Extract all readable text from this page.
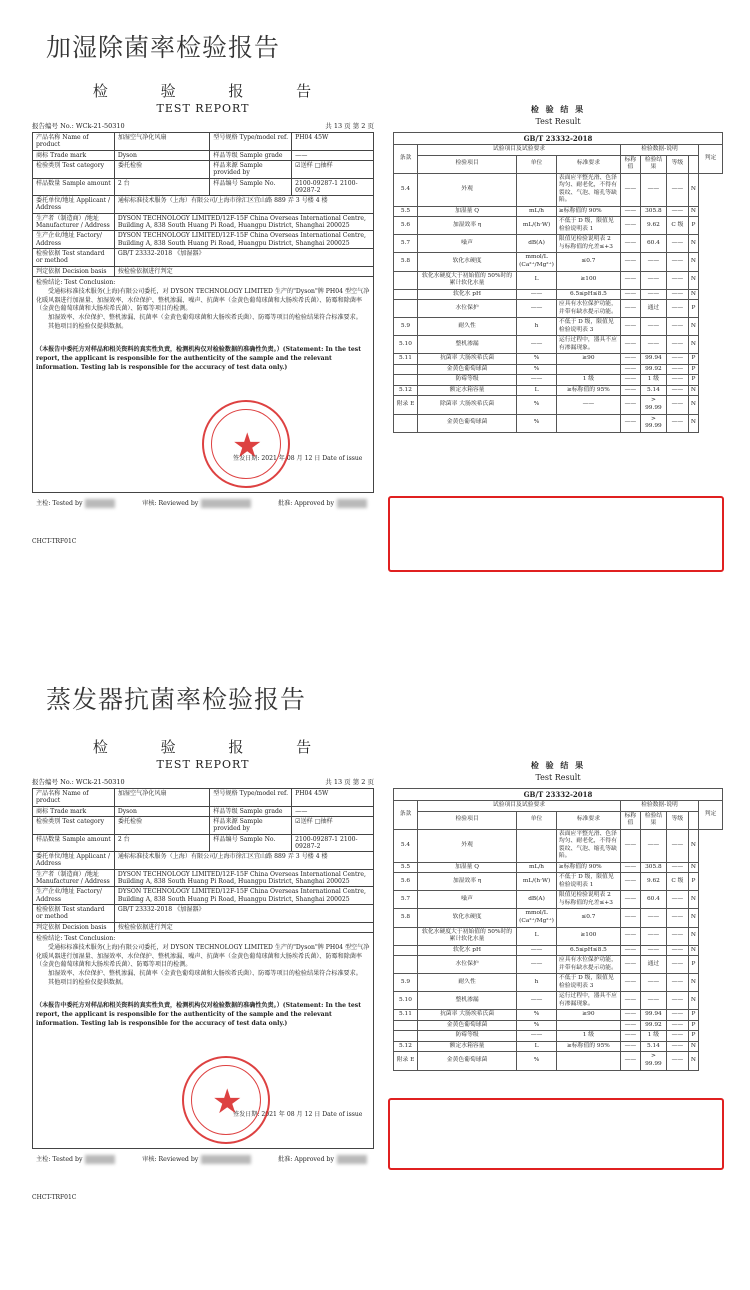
加湿除菌率检验报告
检 验 报 告
TEST REPORT
报告编号 No.: WCk-21-50310	共 13 页 第 2 页
产品名称 Name of product	加湿空气净化风扇	型号规格 Type/model ref.	PH04 45W
商标 Trade mark	Dyson	样品等级 Sample grade	——
检验类别 Test category	委托检验	样品来源 Sample provided by	☑送样 □抽样
样品数量 Sample amount	2 台	样品编号 Sample No.	2100-09287-1 2100-09287-2
委托单位/地址 Applicant / Address	通标标准技术服务（上海）有限公司/上海市徐汇区宜山路 889 弄 3 号楼 4 楼		
生产者（制造商）/地址 Manufacturer / Address	DYSON TECHNOLOGY LIMITED/12F-15F China Overseas International Centre, Building A, 838 South Huang Pi Road, Huangpu District, Shanghai 200025		
生产企业/地址 Factory/ Address	DYSON TECHNOLOGY LIMITED/12F-15F China Overseas International Centre, Building A, 838 South Huang Pi Road, Huangpu District, Shanghai 200025		
检验依据 Test standard or method	GB/T 23332-2018 《加湿器》		
判定依据 Decision basis	按检验依据进行判定		
检验结论: Test Conclusion:

受通标标准技术服务(上海)有限公司委托，对 DYSON TECHNOLOGY LIMITED 生产的"Dyson"牌 PH04 型空气净化暖风器进行加湿量、加湿效率、水位保护、整机渗漏、噪声、抗菌率（金黄色葡萄球菌和大肠埃希氏菌）、防霉和除菌率（金黄色葡萄球菌和大肠埃希氏菌）、防霉等项目的检测。

加湿效率、水位保护、整机渗漏、抗菌率（金黄色葡萄球菌和大肠埃希氏菌）、防霉等项目的检验结果符合标准要求。

其他项目的检验仅提供数据。

（本报告中委托方对样品和相关资料的真实性负责，检测机构仅对检验数据的准确性负责。）(Statement: In the test report, the applicant is responsible for the authenticity of the sample and the relevant information. Testing lab is responsible for the accuracy of test data only.)

签发日期: 2021 年 08 月 12 日 Date of issue
主检: Tested by	审核: Reviewed by	批准: Approved by
CHCT-TRF01C
★
检 验 结 果
Test Result
GB/T 23332-2018								
条款	试验项目及试验要求			检验数据-说明				判定
	检验项目	单位	标准要求	标称值	检验结果	等级	
5.4	外观		表面应平整光滑、色泽均匀、耐老化，不得有裂纹、气泡、缩孔等缺陷。	——	——	——	N	
5.5	加湿量 Q	mL/h	≥标称值的 90%	——	305.8	——	N	
5.6	加湿效率 η	mL/(h·W)	不低于 D 级，限值见检验说明表 1	——	9.62	C 级	P	
5.7	噪声	dB(A)	限值见检验说明表 2 与标称值的允差≤+3	——	60.4	——	N	
5.8	软化水硬度	mmol/L (Ca²⁺/Mg²⁺)	≤0.7	——	——	——	N	
	软化水硬度大于初始值的 50%时的累计软化水量	L	≥100	——	——	——	N	
	软化水 pH	——	6.5≤pH≤8.5	——	——	——	N	
	水位保护	——	应具有水位保护功能，并带有缺水提示功能。	——	通过	——	P	
5.9	耐久性	h	不低于 D 级，限值见检验说明表 3	——	——	——	N	
5.10	整机渗漏	——	运行过程中，器具不应有渗漏现象。	——	——	——	N	
5.11	抗菌率 大肠埃希氏菌	%	≥90	——	99.94	——	P	
	金黄色葡萄球菌	%		——	99.92	——	P	
	防霉等级	——	1 级	——	1 级	——	P	
5.12	额定水箱容量	L	≥标称值的 95%	——	5.14	——	N	
附录 E	除菌率 大肠埃希氏菌	%	——	——	> 99.99	——	N	
	金黄色葡萄球菌	%		——	> 99.99	——	N	
蒸发器抗菌率检验报告
检 验 报 告
TEST REPORT
报告编号 No.: WCk-21-50310	共 13 页 第 2 页
产品名称 Name of product	加湿空气净化风扇	型号规格 Type/model ref.	PH04 45W
商标 Trade mark	Dyson	样品等级 Sample grade	——
检验类别 Test category	委托检验	样品来源 Sample provided by	☑送样 □抽样
样品数量 Sample amount	2 台	样品编号 Sample No.	2100-09287-1 2100-09287-2
委托单位/地址 Applicant / Address	通标标准技术服务（上海）有限公司/上海市徐汇区宜山路 889 弄 3 号楼 4 楼		
生产者（制造商）/地址 Manufacturer / Address	DYSON TECHNOLOGY LIMITED/12F-15F China Overseas International Centre, Building A, 838 South Huang Pi Road, Huangpu District, Shanghai 200025		
生产企业/地址 Factory/ Address	DYSON TECHNOLOGY LIMITED/12F-15F China Overseas International Centre, Building A, 838 South Huang Pi Road, Huangpu District, Shanghai 200025		
检验依据 Test standard or method	GB/T 23332-2018 《加湿器》		
判定依据 Decision basis	按检验依据进行判定		
检验结论: Test Conclusion:

受通标标准技术服务(上海)有限公司委托，对 DYSON TECHNOLOGY LIMITED 生产的"Dyson"牌 PH04 型空气净化暖风器进行加湿量、加湿效率、水位保护、整机渗漏、噪声、抗菌率（金黄色葡萄球菌和大肠埃希氏菌）、防霉和除菌率（金黄色葡萄球菌和大肠埃希氏菌）、防霉等项目的检测。

加湿效率、水位保护、整机渗漏、抗菌率（金黄色葡萄球菌和大肠埃希氏菌）、防霉等项目的检验结果符合标准要求。

其他项目的检验仅提供数据。

（本报告中委托方对样品和相关资料的真实性负责，检测机构仅对检验数据的准确性负责。）(Statement: In the test report, the applicant is responsible for the authenticity of the sample and the relevant information. Testing lab is responsible for the accuracy of test data only.)

签发日期: 2021 年 08 月 12 日 Date of issue
主检: Tested by	审核: Reviewed by	批准: Approved by
CHCT-TRF01C
★
检 验 结 果
Test Result
GB/T 23332-2018								
条款	试验项目及试验要求			检验数据-说明				判定
	检验项目	单位	标准要求	标称值	检验结果	等级	
5.4	外观		表面应平整光滑、色泽均匀、耐老化，不得有裂纹、气泡、缩孔等缺陷。	——	——	——	N	
5.5	加湿量 Q	mL/h	≥标称值的 90%	——	305.8	——	N	
5.6	加湿效率 η	mL/(h·W)	不低于 D 级，限值见检验说明表 1	——	9.62	C 级	P	
5.7	噪声	dB(A)	限值见检验说明表 2 与标称值的允差≤+3	——	60.4	——	N	
5.8	软化水硬度	mmol/L (Ca²⁺/Mg²⁺)	≤0.7	——	——	——	N	
	软化水硬度大于初始值的 50%时的累计软化水量	L	≥100	——	——	——	N	
	软化水 pH	——	6.5≤pH≤8.5	——	——	——	N	
	水位保护	——	应具有水位保护功能，并带有缺水提示功能。	——	通过	——	P	
5.9	耐久性	h	不低于 D 级，限值见检验说明表 3	——	——	——	N	
5.10	整机渗漏	——	运行过程中，器具不应有渗漏现象。	——	——	——	N	
5.11	抗菌率 大肠埃希氏菌	%	≥90	——	99.94	——	P	
	金黄色葡萄球菌	%		——	99.92	——	P	
	防霉等级	——	1 级	——	1 级	——	P	
5.12	额定水箱容量	L	≥标称值的 95%	——	5.14	——	N	
附录 E	金黄色葡萄球菌	%		——	> 99.99	——	N	
